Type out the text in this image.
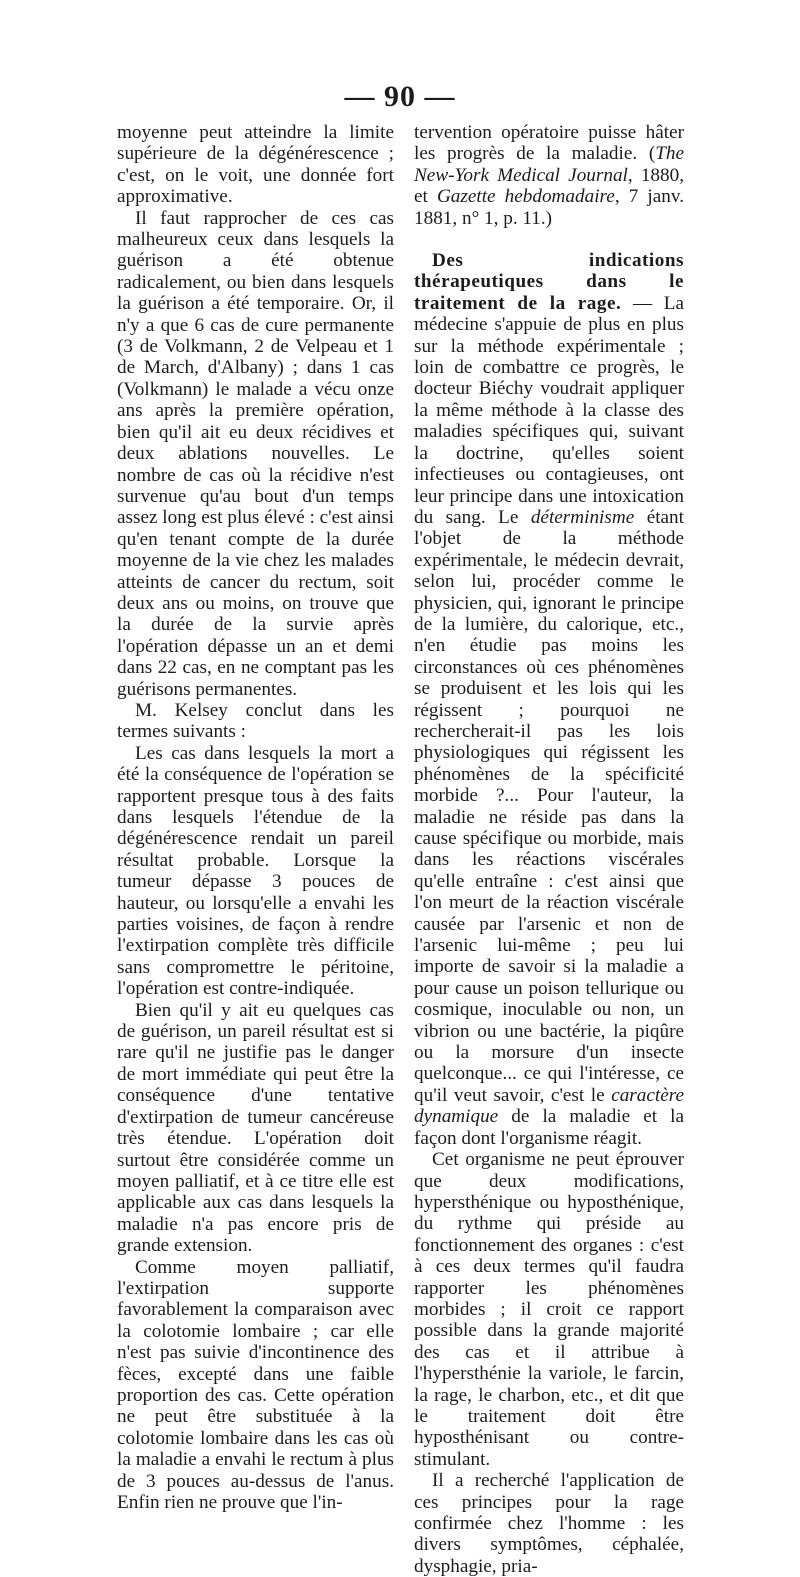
— 90 —

moyenne peut atteindre la limite supérieure de la dégénérescence ; c'est, on le voit, une donnée fort approximative.

Il faut rapprocher de ces cas malheureux ceux dans lesquels la guérison a été obtenue radicalement, ou bien dans lesquels la guérison a été temporaire. Or, il n'y a que 6 cas de cure permanente (3 de Volkmann, 2 de Velpeau et 1 de March, d'Albany) ; dans 1 cas (Volkmann) le malade a vécu onze ans après la première opération, bien qu'il ait eu deux récidives et deux ablations nouvelles. Le nombre de cas où la récidive n'est survenue qu'au bout d'un temps assez long est plus élevé : c'est ainsi qu'en tenant compte de la durée moyenne de la vie chez les malades atteints de cancer du rectum, soit deux ans ou moins, on trouve que la durée de la survie après l'opération dépasse un an et demi dans 22 cas, en ne comptant pas les guérisons permanentes.

M. Kelsey conclut dans les termes suivants :

Les cas dans lesquels la mort a été la conséquence de l'opération se rapportent presque tous à des faits dans lesquels l'étendue de la dégénérescence rendait un pareil résultat probable. Lorsque la tumeur dépasse 3 pouces de hauteur, ou lorsqu'elle a envahi les parties voisines, de façon à rendre l'extirpation complète très difficile sans compromettre le péritoine, l'opération est contre-indiquée.

Bien qu'il y ait eu quelques cas de guérison, un pareil résultat est si rare qu'il ne justifie pas le danger de mort immédiate qui peut être la conséquence d'une tentative d'extirpation de tumeur cancéreuse très étendue. L'opération doit surtout être considérée comme un moyen palliatif, et à ce titre elle est applicable aux cas dans lesquels la maladie n'a pas encore pris de grande extension.

Comme moyen palliatif, l'extirpation supporte favorablement la comparaison avec la colotomie lombaire ; car elle n'est pas suivie d'incontinence des fèces, excepté dans une faible proportion des cas. Cette opération ne peut être substituée à la colotomie lombaire dans les cas où la maladie a envahi le rectum à plus de 3 pouces au-dessus de l'anus. Enfin rien ne prouve que l'in-

tervention opératoire puisse hâter les progrès de la maladie. (The New-York Medical Journal, 1880, et Gazette hebdomadaire, 7 janv. 1881, n° 1, p. 11.)

Des indications thérapeutiques dans le traitement de la rage. — La médecine s'appuie de plus en plus sur la méthode expérimentale ; loin de combattre ce progrès, le docteur Biéchy voudrait appliquer la même méthode à la classe des maladies spécifiques qui, suivant la doctrine, qu'elles soient infectieuses ou contagieuses, ont leur principe dans une intoxication du sang. Le déterminisme étant l'objet de la méthode expérimentale, le médecin devrait, selon lui, procéder comme le physicien, qui, ignorant le principe de la lumière, du calorique, etc., n'en étudie pas moins les circonstances où ces phénomènes se produisent et les lois qui les régissent ; pourquoi ne rechercherait-il pas les lois physiologiques qui régissent les phénomènes de la spécificité morbide ?... Pour l'auteur, la maladie ne réside pas dans la cause spécifique ou morbide, mais dans les réactions viscérales qu'elle entraîne : c'est ainsi que l'on meurt de la réaction viscérale causée par l'arsenic et non de l'arsenic lui-même ; peu lui importe de savoir si la maladie a pour cause un poison tellurique ou cosmique, inoculable ou non, un vibrion ou une bactérie, la piqûre ou la morsure d'un insecte quelconque... ce qui l'intéresse, ce qu'il veut savoir, c'est le caractère dynamique de la maladie et la façon dont l'organisme réagit.

Cet organisme ne peut éprouver que deux modifications, hypersthénique ou hyposthénique, du rythme qui préside au fonctionnement des organes : c'est à ces deux termes qu'il faudra rapporter les phénomènes morbides ; il croit ce rapport possible dans la grande majorité des cas et il attribue à l'hypersthénie la variole, le farcin, la rage, le charbon, etc., et dit que le traitement doit être hyposthénisant ou contre-stimulant.

Il a recherché l'application de ces principes pour la rage confirmée chez l'homme : les divers symptômes, céphalée, dysphagie, pria-
